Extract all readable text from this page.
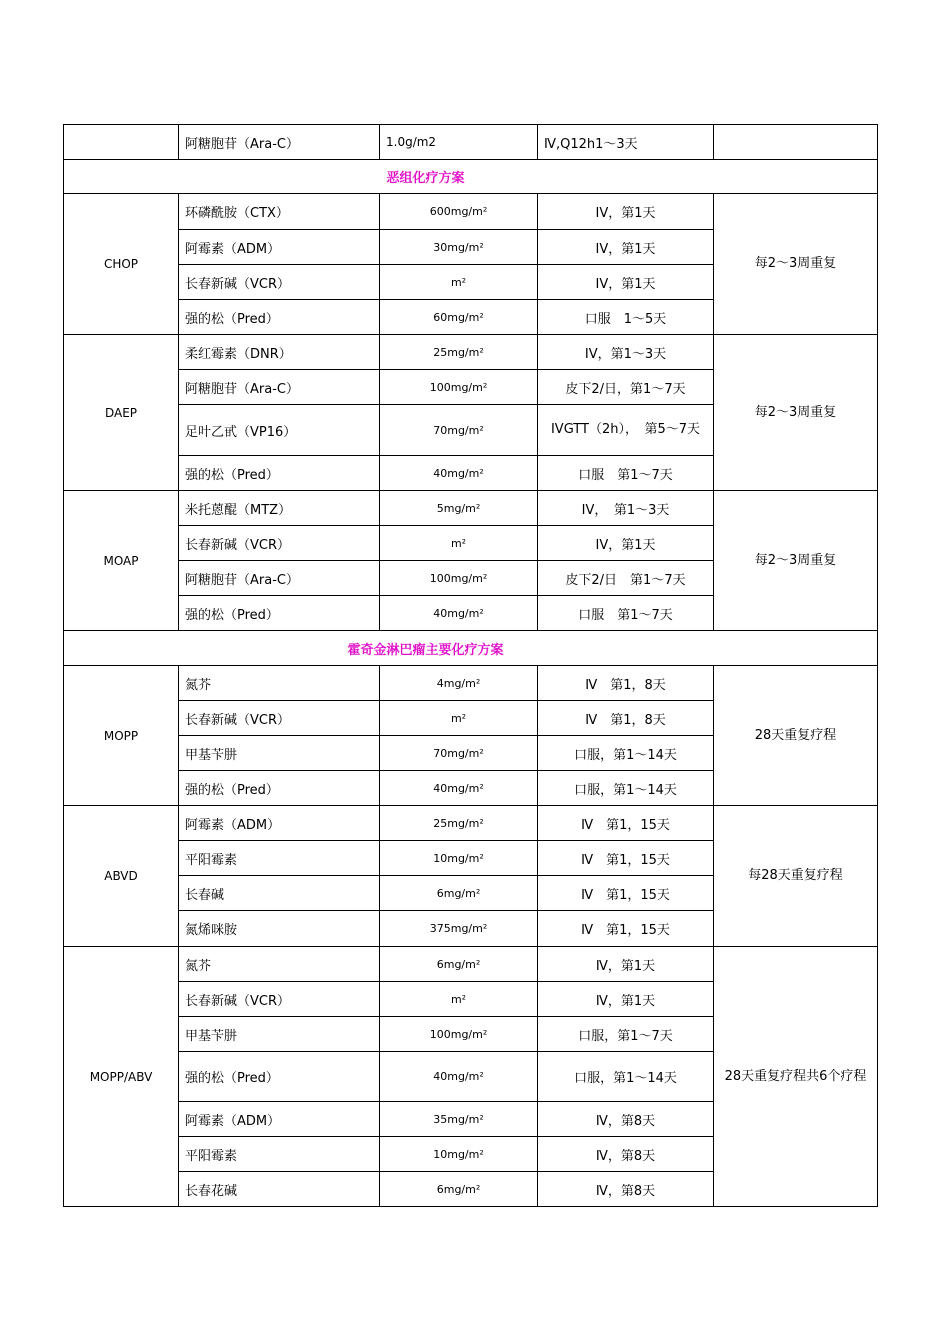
	阿糖胞苷（Ara-C）	1.0g/m2	Ⅳ,Q12h1～3天	
恶组化疗方案				
CHOP	环磷酰胺（CTX）	600mg/m²	IV，第1天	每2～3周重复
	阿霉素（ADM）	30mg/m²	IV，第1天	
	长春新碱（VCR）	m²	IV，第1天	
	强的松（Pred）	60mg/m²	口服　1～5天	
DAEP	柔红霉素（DNR）	25mg/m²	IV，第1～3天	每2～3周重复
	阿糖胞苷（Ara-C）	100mg/m²	皮下2/日，第1～7天	
	足叶乙甙（VP16）	70mg/m²	IVGTT（2h），　第5～7天	
	强的松（Pred）	40mg/m²	口服　第1～7天	
MOAP	米托蒽醌（MTZ）	5mg/m²	IV，　第1～3天	每2～3周重复
	长春新碱（VCR）	m²	IV，第1天	
	阿糖胞苷（Ara-C）	100mg/m²	皮下2/日　第1～7天	
	强的松（Pred）	40mg/m²	口服　第1～7天	
霍奇金淋巴瘤主要化疗方案				
MOPP	氮芥	4mg/m²	Ⅳ　第1，8天	28天重复疗程
	长春新碱（VCR）	m²	Ⅳ　第1，8天	
	甲基苄肼	70mg/m²	口服，第1～14天	
	强的松（Pred）	40mg/m²	口服，第1～14天	
ABVD	阿霉素（ADM）	25mg/m²	Ⅳ　第1，15天	每28天重复疗程
	平阳霉素	10mg/m²	Ⅳ　第1，15天	
	长春碱	6mg/m²	Ⅳ　第1，15天	
	氮烯咪胺	375mg/m²	Ⅳ　第1，15天	
MOPP/ABV	氮芥	6mg/m²	Ⅳ，第1天	28天重复疗程共6个疗程
	长春新碱（VCR）	m²	Ⅳ，第1天	
	甲基苄肼	100mg/m²	口服，第1～7天	
	强的松（Pred）	40mg/m²	口服，第1～14天	
	阿霉素（ADM）	35mg/m²	Ⅳ，第8天	
	平阳霉素	10mg/m²	Ⅳ，第8天	
	长春花碱	6mg/m²	Ⅳ，第8天	
